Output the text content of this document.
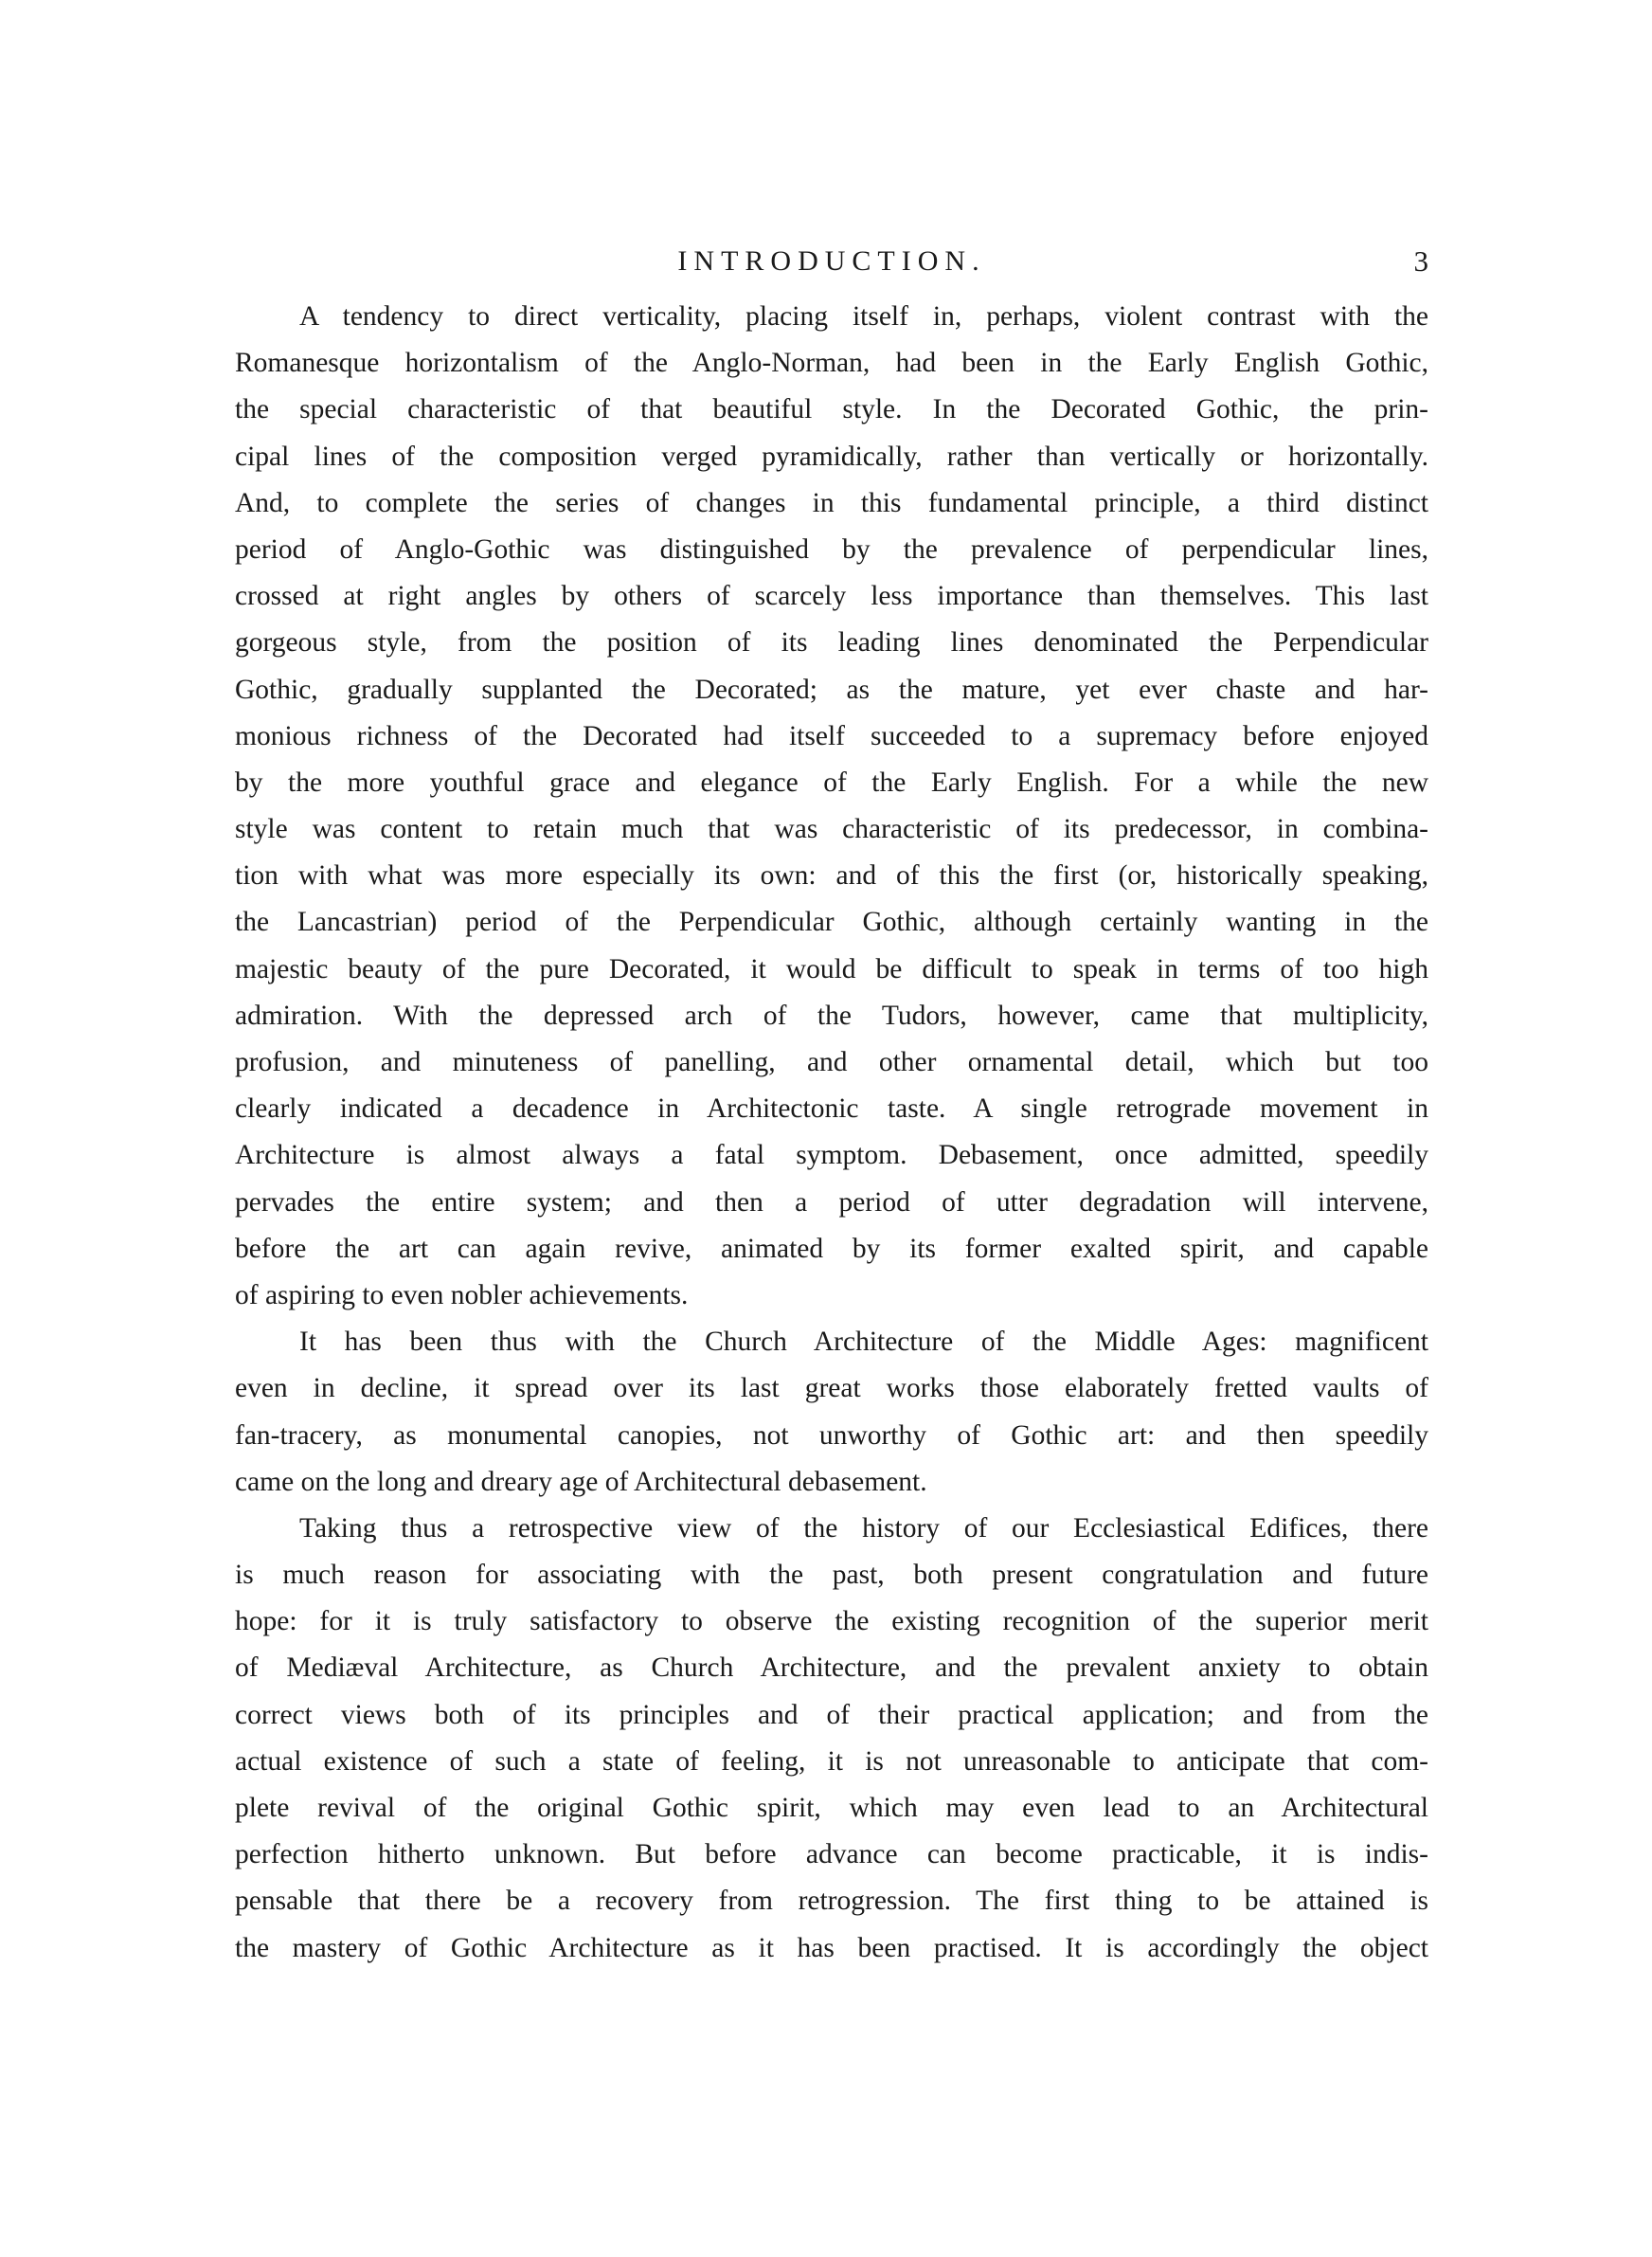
INTRODUCTION.	3
A tendency to direct verticality, placing itself in, perhaps, violent contrast with the
Romanesque horizontalism of the Anglo-Norman, had been in the Early English Gothic,
the special characteristic of that beautiful style. In the Decorated Gothic, the prin-
cipal lines of the composition verged pyramidically, rather than vertically or horizontally.
And, to complete the series of changes in this fundamental principle, a third distinct
period of Anglo-Gothic was distinguished by the prevalence of perpendicular lines,
crossed at right angles by others of scarcely less importance than themselves. This last
gorgeous style, from the position of its leading lines denominated the Perpendicular
Gothic, gradually supplanted the Decorated; as the mature, yet ever chaste and har-
monious richness of the Decorated had itself succeeded to a supremacy before enjoyed
by the more youthful grace and elegance of the Early English. For a while the new
style was content to retain much that was characteristic of its predecessor, in combina-
tion with what was more especially its own: and of this the first (or, historically speaking,
the Lancastrian) period of the Perpendicular Gothic, although certainly wanting in the
majestic beauty of the pure Decorated, it would be difficult to speak in terms of too high
admiration. With the depressed arch of the Tudors, however, came that multiplicity,
profusion, and minuteness of panelling, and other ornamental detail, which but too
clearly indicated a decadence in Architectonic taste. A single retrograde movement in
Architecture is almost always a fatal symptom. Debasement, once admitted, speedily
pervades the entire system; and then a period of utter degradation will intervene,
before the art can again revive, animated by its former exalted spirit, and capable
of aspiring to even nobler achievements.
It has been thus with the Church Architecture of the Middle Ages: magnificent
even in decline, it spread over its last great works those elaborately fretted vaults of
fan-tracery, as monumental canopies, not unworthy of Gothic art: and then speedily
came on the long and dreary age of Architectural debasement.
Taking thus a retrospective view of the history of our Ecclesiastical Edifices, there
is much reason for associating with the past, both present congratulation and future
hope: for it is truly satisfactory to observe the existing recognition of the superior merit
of Mediæval Architecture, as Church Architecture, and the prevalent anxiety to obtain
correct views both of its principles and of their practical application; and from the
actual existence of such a state of feeling, it is not unreasonable to anticipate that com-
plete revival of the original Gothic spirit, which may even lead to an Architectural
perfection hitherto unknown. But before advance can become practicable, it is indis-
pensable that there be a recovery from retrogression. The first thing to be attained is
the mastery of Gothic Architecture as it has been practised. It is accordingly the object
